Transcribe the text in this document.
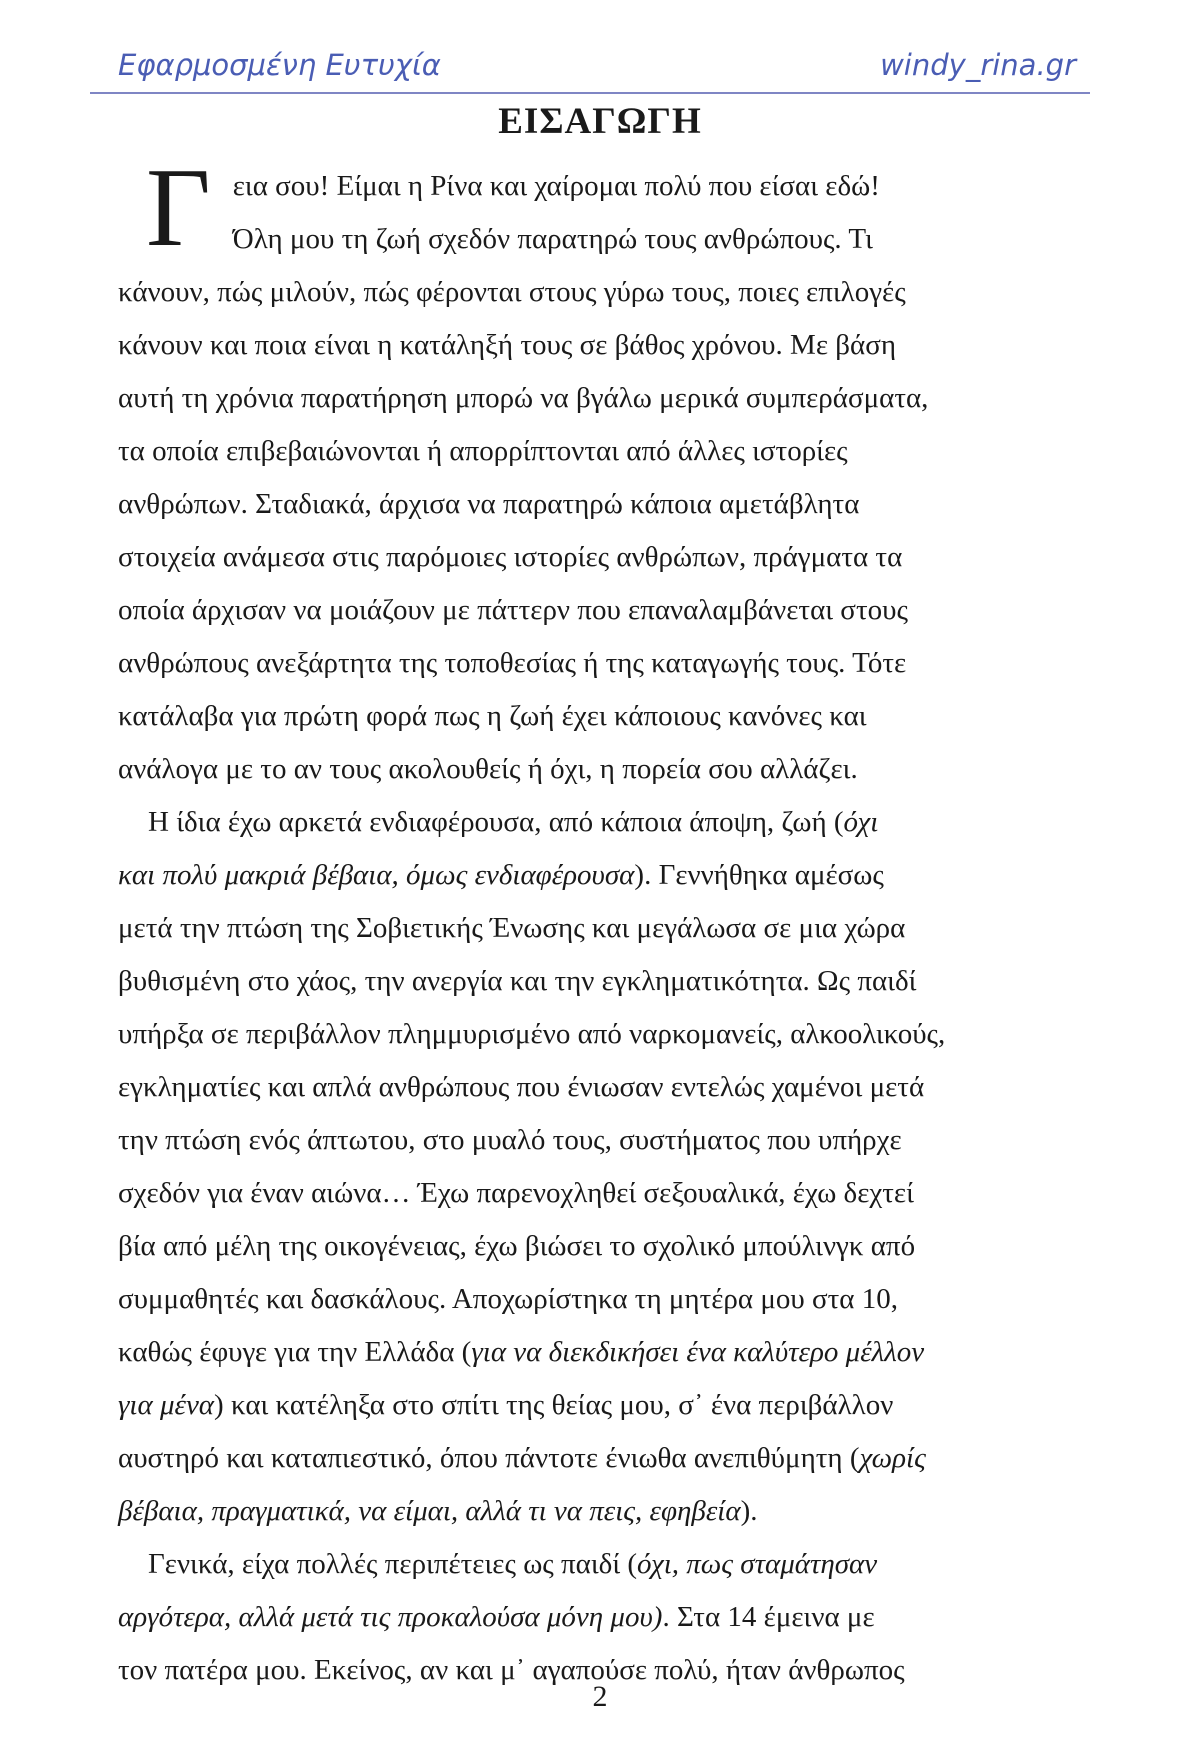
Εφαρμοσμένη Ευτυχία	windy_rina.gr
ΕΙΣΑΓΩΓΗ

Γ εια σου! Είμαι η Ρίνα και χαίρομαι πολύ που είσαι εδώ!
Όλη μου τη ζωή σχεδόν παρατηρώ τους ανθρώπους. Τι
κάνουν, πώς μιλούν, πώς φέρονται στους γύρω τους, ποιες επιλογές
κάνουν και ποια είναι η κατάληξή τους σε βάθος χρόνου. Με βάση
αυτή τη χρόνια παρατήρηση μπορώ να βγάλω μερικά συμπεράσματα,
τα οποία επιβεβαιώνονται ή απορρίπτονται από άλλες ιστορίες
ανθρώπων. Σταδιακά, άρχισα να παρατηρώ κάποια αμετάβλητα
στοιχεία ανάμεσα στις παρόμοιες ιστορίες ανθρώπων, πράγματα τα
οποία άρχισαν να μοιάζουν με πάττερν που επαναλαμβάνεται στους
ανθρώπους ανεξάρτητα της τοποθεσίας ή της καταγωγής τους. Τότε
κατάλαβα για πρώτη φορά πως η ζωή έχει κάποιους κανόνες και
ανάλογα με το αν τους ακολουθείς ή όχι, η πορεία σου αλλάζει.

Η ίδια έχω αρκετά ενδιαφέρουσα, από κάποια άποψη, ζωή (όχι
και πολύ μακριά βέβαια, όμως ενδιαφέρουσα). Γεννήθηκα αμέσως
μετά την πτώση της Σοβιετικής Ένωσης και μεγάλωσα σε μια χώρα
βυθισμένη στο χάος, την ανεργία και την εγκληματικότητα. Ως παιδί
υπήρξα σε περιβάλλον πλημμυρισμένο από ναρκομανείς, αλκοολικούς,
εγκληματίες και απλά ανθρώπους που ένιωσαν εντελώς χαμένοι μετά
την πτώση ενός άπτωτου, στο μυαλό τους, συστήματος που υπήρχε
σχεδόν για έναν αιώνα… Έχω παρενοχληθεί σεξουαλικά, έχω δεχτεί
βία από μέλη της οικογένειας, έχω βιώσει το σχολικό μπούλινγκ από
συμμαθητές και δασκάλους. Αποχωρίστηκα τη μητέρα μου στα 10,
καθώς έφυγε για την Ελλάδα (για να διεκδικήσει ένα καλύτερο μέλλον
για μένα) και κατέληξα στο σπίτι της θείας μου, σ᾽ ένα περιβάλλον
αυστηρό και καταπιεστικό, όπου πάντοτε ένιωθα ανεπιθύμητη (χωρίς
βέβαια, πραγματικά, να είμαι, αλλά τι να πεις, εφηβεία).

Γενικά, είχα πολλές περιπέτειες ως παιδί (όχι, πως σταμάτησαν
αργότερα, αλλά μετά τις προκαλούσα μόνη μου). Στα 14 έμεινα με
τον πατέρα μου. Εκείνος, αν και μ᾽ αγαπούσε πολύ, ήταν άνθρωπος

2
